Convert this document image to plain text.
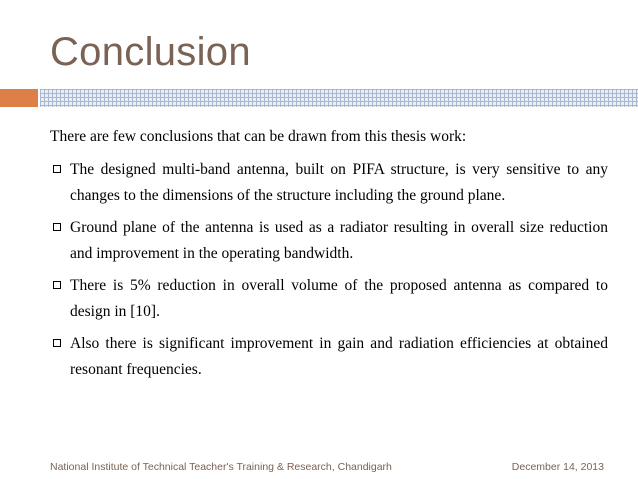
Conclusion

There are few conclusions that can be drawn from this thesis work:

The designed multi-band antenna, built on PIFA structure, is very sensitive to any changes to the dimensions of the structure including the ground plane.
Ground plane of the antenna is used as a radiator resulting in overall size reduction and improvement in the operating bandwidth.
There is 5% reduction in overall volume of the proposed antenna as compared to design in [10].
Also there is significant improvement in gain and radiation efficiencies at obtained resonant frequencies.
National Institute of Technical Teacher's Training & Research, Chandigarh	December 14, 2013
